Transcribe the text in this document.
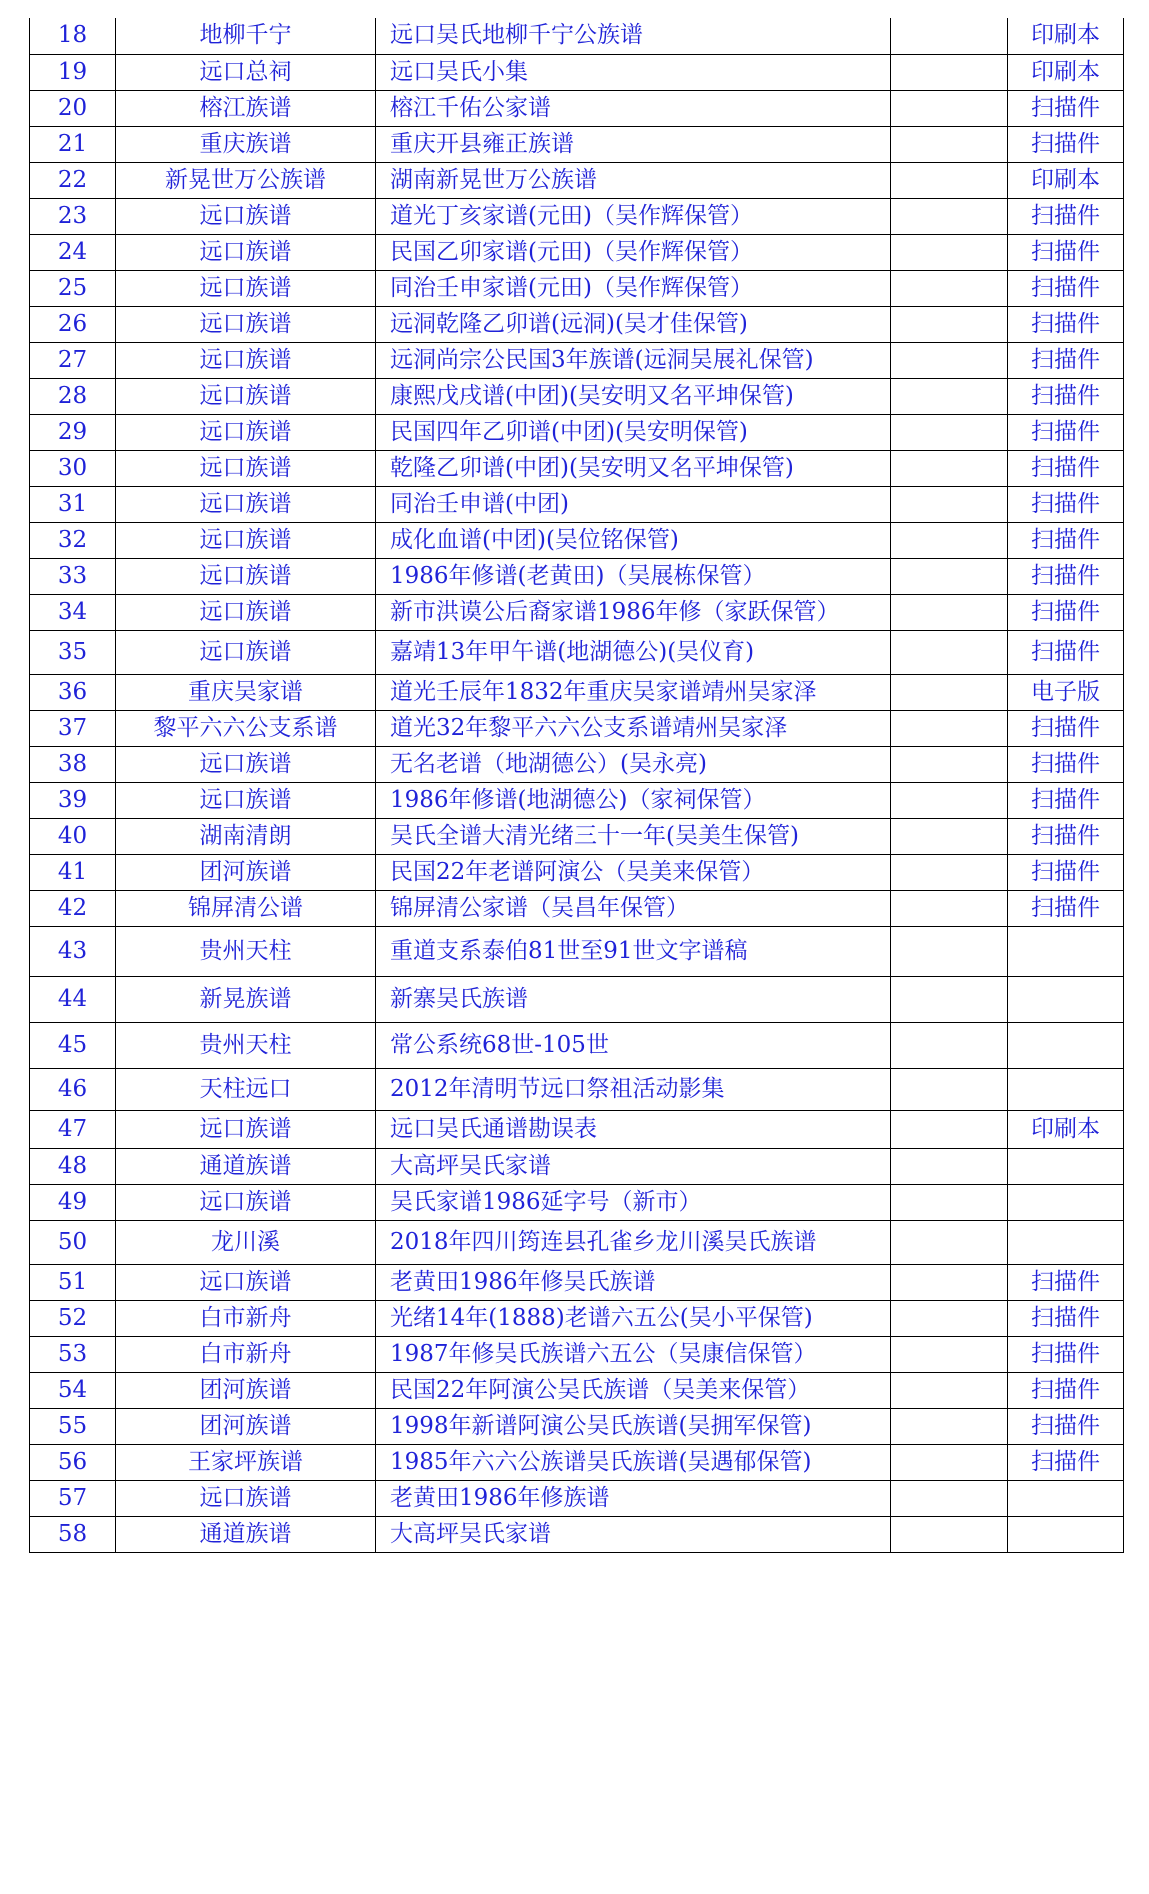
18	地柳千宁	远口吴氏地柳千宁公族谱		印刷本
19	远口总祠	远口吴氏小集		印刷本
20	榕江族谱	榕江千佑公家谱		扫描件
21	重庆族谱	重庆开县雍正族谱		扫描件
22	新晃世万公族谱	湖南新晃世万公族谱		印刷本
23	远口族谱	道光丁亥家谱(元田)（吴作辉保管）		扫描件
24	远口族谱	民国乙卯家谱(元田)（吴作辉保管）		扫描件
25	远口族谱	同治壬申家谱(元田)（吴作辉保管）		扫描件
26	远口族谱	远洞乾隆乙卯谱(远洞)(吴才佳保管)		扫描件
27	远口族谱	远洞尚宗公民国3年族谱(远洞吴展礼保管)		扫描件
28	远口族谱	康熙戊戌谱(中团)(吴安明又名平坤保管)		扫描件
29	远口族谱	民国四年乙卯谱(中团)(吴安明保管)		扫描件
30	远口族谱	乾隆乙卯谱(中团)(吴安明又名平坤保管)		扫描件
31	远口族谱	同治壬申谱(中团)		扫描件
32	远口族谱	成化血谱(中团)(吴位铭保管)		扫描件
33	远口族谱	1986年修谱(老黄田)（吴展栋保管）		扫描件
34	远口族谱	新市洪谟公后裔家谱1986年修（家跃保管）		扫描件
35	远口族谱	嘉靖13年甲午谱(地湖德公)(吴仪育)		扫描件
36	重庆吴家谱	道光壬辰年1832年重庆吴家谱靖州吴家泽		电子版
37	黎平六六公支系谱	道光32年黎平六六公支系谱靖州吴家泽		扫描件
38	远口族谱	无名老谱（地湖德公）(吴永亮)		扫描件
39	远口族谱	1986年修谱(地湖德公)（家祠保管）		扫描件
40	湖南清朗	吴氏全谱大清光绪三十一年(吴美生保管)		扫描件
41	团河族谱	民国22年老谱阿演公（吴美来保管）		扫描件
42	锦屏清公谱	锦屏清公家谱（吴昌年保管）		扫描件
43	贵州天柱	重道支系泰伯81世至91世文字谱稿		
44	新晃族谱	新寨吴氏族谱		
45	贵州天柱	常公系统68世-105世		
46	天柱远口	2012年清明节远口祭祖活动影集		
47	远口族谱	远口吴氏通谱勘误表		印刷本
48	通道族谱	大高坪吴氏家谱		
49	远口族谱	吴氏家谱1986延字号（新市）		
50	龙川溪	2018年四川筠连县孔雀乡龙川溪吴氏族谱		
51	远口族谱	老黄田1986年修吴氏族谱		扫描件
52	白市新舟	光绪14年(1888)老谱六五公(吴小平保管)		扫描件
53	白市新舟	1987年修吴氏族谱六五公（吴康信保管）		扫描件
54	团河族谱	民国22年阿演公吴氏族谱（吴美来保管）		扫描件
55	团河族谱	1998年新谱阿演公吴氏族谱(吴拥军保管)		扫描件
56	王家坪族谱	1985年六六公族谱吴氏族谱(吴遇郁保管)		扫描件
57	远口族谱	老黄田1986年修族谱		
58	通道族谱	大高坪吴氏家谱		
